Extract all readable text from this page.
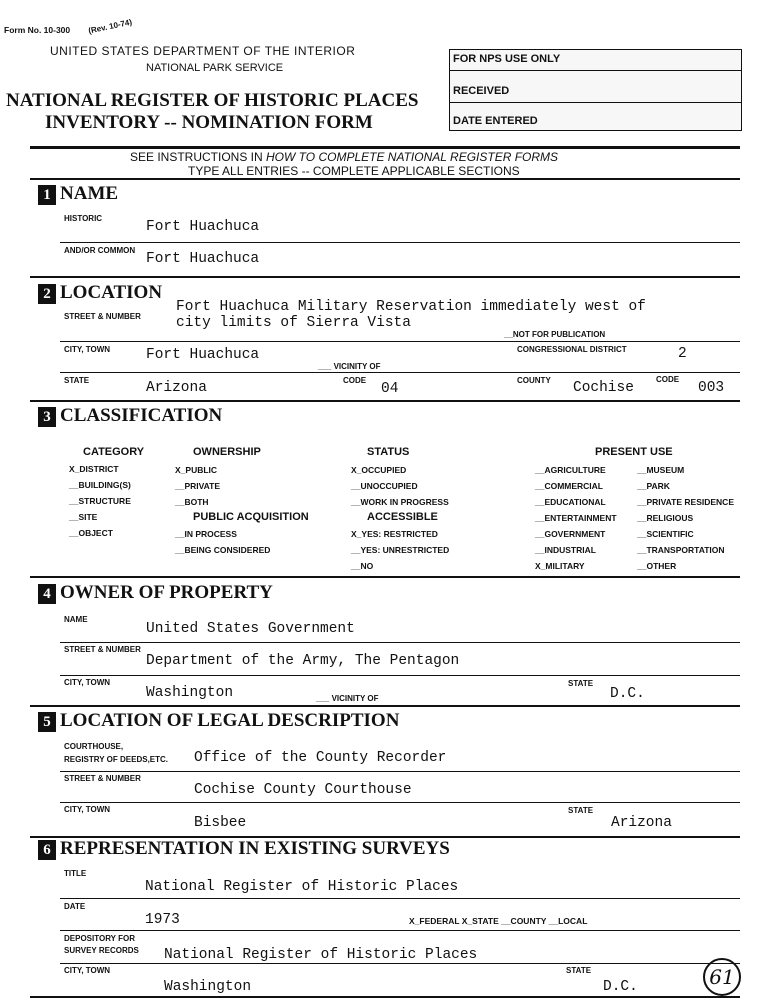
Form No. 10-300 (Rev. 10-74)
UNITED STATES DEPARTMENT OF THE INTERIOR
NATIONAL PARK SERVICE
NATIONAL REGISTER OF HISTORIC PLACES
INVENTORY -- NOMINATION FORM
FOR NPS USE ONLY
RECEIVED
DATE ENTERED
SEE INSTRUCTIONS IN HOW TO COMPLETE NATIONAL REGISTER FORMS
TYPE ALL ENTRIES -- COMPLETE APPLICABLE SECTIONS
1 NAME
HISTORIC
Fort Huachuca
AND/OR COMMON
Fort Huachuca
2 LOCATION
STREET & NUMBER
Fort Huachuca Military Reservation immediately west of
city limits of Sierra Vista
__NOT FOR PUBLICATION
CITY, TOWN Fort Huachuca
___ VICINITY OF
CONGRESSIONAL DISTRICT	2
STATE	Arizona	CODE
04
COUNTY Cochise
CODE
003
3 CLASSIFICATION
CATEGORY
X_DISTRICT
__BUILDING(S)
__STRUCTURE
__SITE
__OBJECT
OWNERSHIP
X_PUBLIC
__PRIVATE
__BOTH
PUBLIC ACQUISITION
__IN PROCESS
__BEING CONSIDERED
STATUS
X_OCCUPIED
__UNOCCUPIED
__WORK IN PROGRESS
ACCESSIBLE
X_YES: RESTRICTED
__YES: UNRESTRICTED
__NO
PRESENT USE
__AGRICULTURE
__COMMERCIAL
__EDUCATIONAL
__ENTERTAINMENT
__GOVERNMENT
__INDUSTRIAL
X_MILITARY
__MUSEUM
__PARK
__PRIVATE RESIDENCE
__RELIGIOUS
__SCIENTIFIC
__TRANSPORTATION
__OTHER
4 OWNER OF PROPERTY
NAME
United States Government
STREET & NUMBER
Department of the Army, The Pentagon
CITY, TOWN
Washington	___ VICINITY OF
STATE
D.C.
5 LOCATION OF LEGAL DESCRIPTION
COURTHOUSE,
REGISTRY OF DEEDS,ETC. Office of the County Recorder
STREET & NUMBER
Cochise County Courthouse
CITY, TOWN
Bisbee
STATE
Arizona
6 REPRESENTATION IN EXISTING SURVEYS
TITLE
National Register of Historic Places
DATE
1973	X_FEDERAL X_STATE __COUNTY __LOCAL
DEPOSITORY FOR
SURVEY RECORDS National Register of Historic Places
CITY, TOWN
Washington
STATE
D.C.	61
